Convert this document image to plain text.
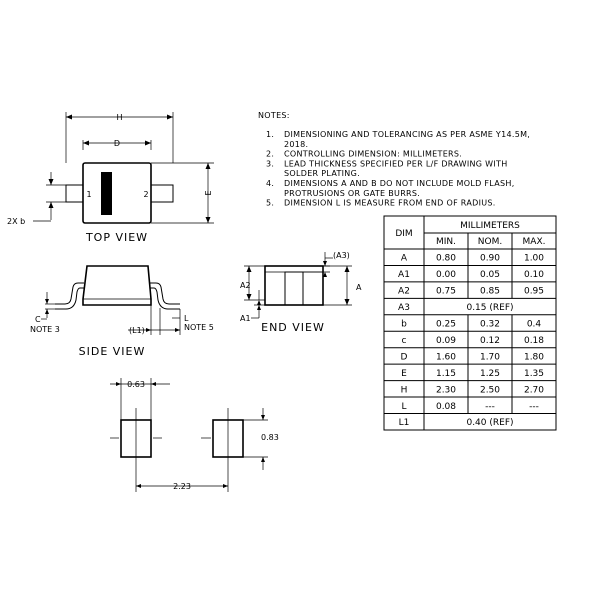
H
D
1	2	E
2X b
TOP VIEW
C
NOTE 3	(L1)
L
NOTE 5
SIDE VIEW
(A3)
A
A2
A1
END VIEW
0.63
0.83
2.23
NOTES:
1. DIMENSIONING AND TOLERANCING AS PER ASME Y14.5M,
2018.
2. CONTROLLING DIMENSION: MILLIMETERS.
3. LEAD THICKNESS SPECIFIED PER L/F DRAWING WITH
SOLDER PLATING.
4. DIMENSIONS A AND B DO NOT INCLUDE MOLD FLASH,
PROTRUSIONS OR GATE BURRS.
5. DIMENSION L IS MEASURE FROM END OF RADIUS.
MIN. NOM. MAX.
A	0.80	0.90	1.00
A1	0.00	0.05	0.10
A2	0.75	0.85	0.95
A3	0.15 (REF)
b	0.25	0.32	0.4
c	0.09	0.12	0.18
D	1.60	1.70	1.80
E	1.15	1.25	1.35
H	2.30	2.50	2.70
L	0.08	---	---
L1	0.40 (REF)
DIM
MILLIMETERS
